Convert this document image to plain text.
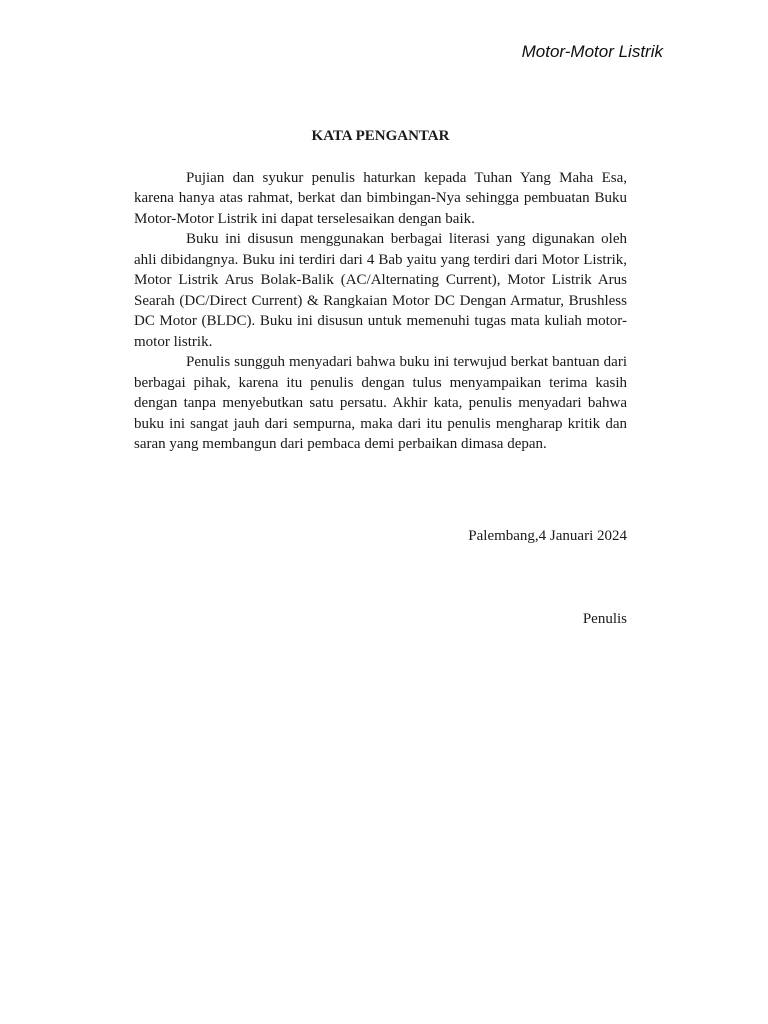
Motor-Motor Listrik
KATA PENGANTAR

Pujian dan syukur penulis haturkan kepada Tuhan Yang Maha Esa, karena hanya atas rahmat, berkat dan bimbingan-Nya sehingga pembuatan Buku Motor-Motor Listrik ini dapat terselesaikan dengan baik.

Buku ini disusun menggunakan berbagai literasi yang digunakan oleh ahli dibidangnya. Buku ini terdiri dari 4 Bab yaitu yang terdiri dari Motor Listrik, Motor Listrik Arus Bolak-Balik (AC/Alternating Current), Motor Listrik Arus Searah (DC/Direct Current) & Rangkaian Motor DC Dengan Armatur, Brushless DC Motor (BLDC). Buku ini disusun untuk memenuhi tugas mata kuliah motor-motor listrik.

Penulis sungguh menyadari bahwa buku ini terwujud berkat bantuan dari berbagai pihak, karena itu penulis dengan tulus menyampaikan terima kasih dengan tanpa menyebutkan satu persatu. Akhir kata, penulis menyadari bahwa buku ini sangat jauh dari sempurna, maka dari itu penulis mengharap kritik dan saran yang membangun dari pembaca demi perbaikan dimasa depan.

Palembang,4 Januari 2024
Penulis
